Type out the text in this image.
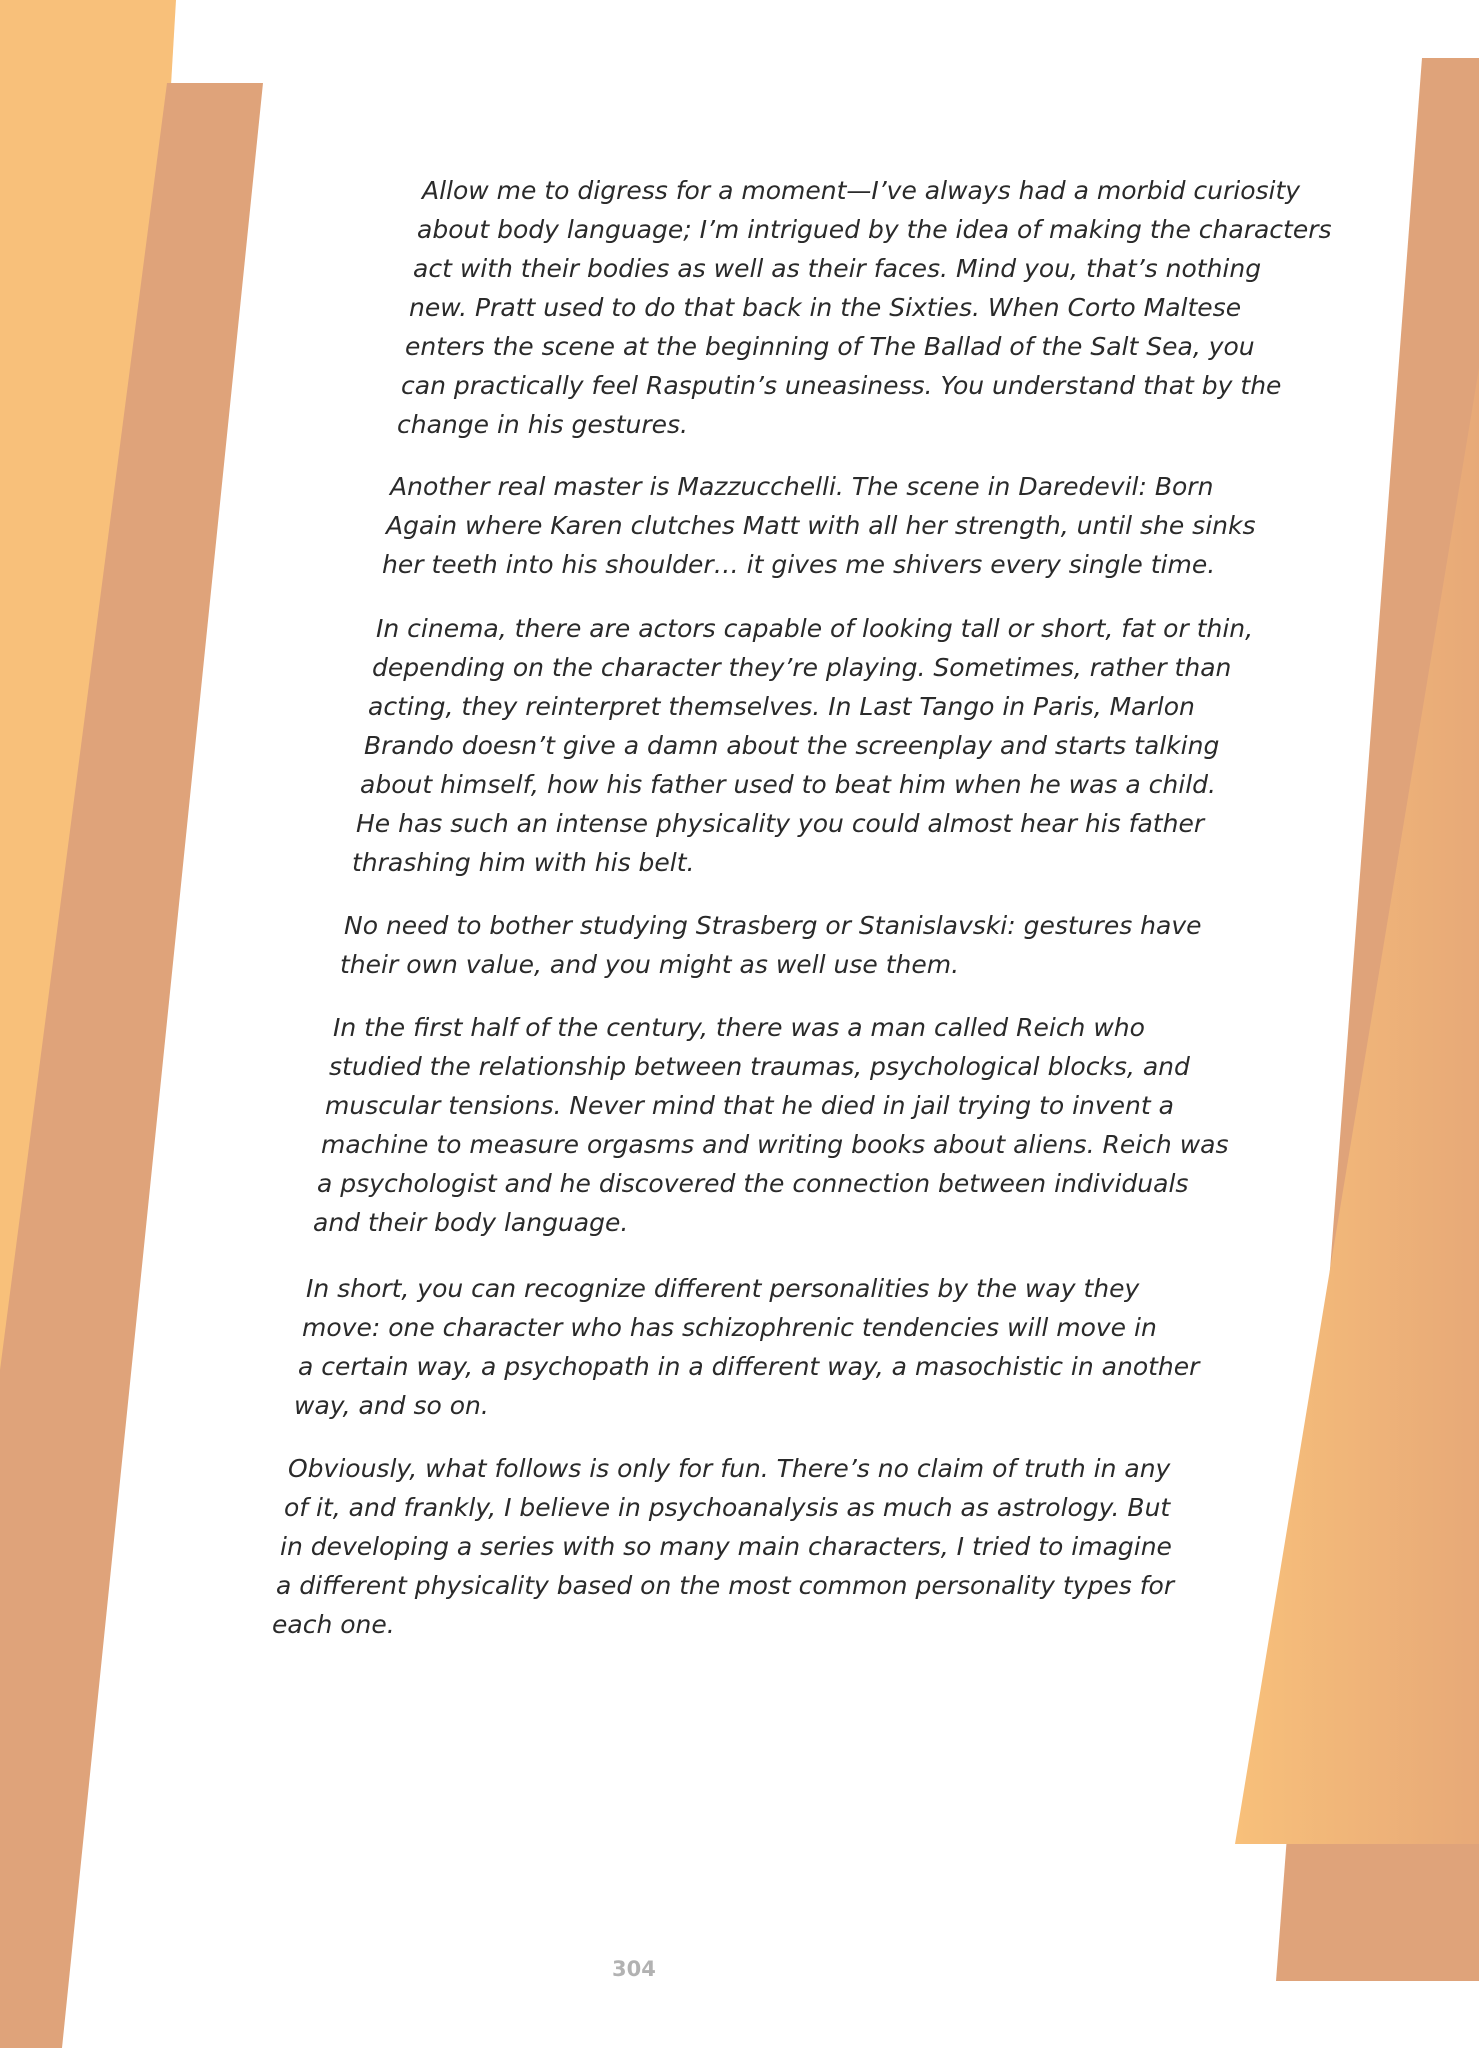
Allow me to digress for a moment—I’ve always had a morbid curiosity
about body language; I’m intrigued by the idea of making the characters
act with their bodies as well as their faces. Mind you, that’s nothing
new. Pratt used to do that back in the Sixties. When Corto Maltese
enters the scene at the beginning of The Ballad of the Salt Sea, you
can practically feel Rasputin’s uneasiness. You understand that by the
change in his gestures.
Another real master is Mazzucchelli. The scene in Daredevil: Born
Again where Karen clutches Matt with all her strength, until she sinks
her teeth into his shoulder… it gives me shivers every single time.
In cinema, there are actors capable of looking tall or short, fat or thin,
depending on the character they’re playing. Sometimes, rather than
acting, they reinterpret themselves. In Last Tango in Paris, Marlon
Brando doesn’t give a damn about the screenplay and starts talking
about himself, how his father used to beat him when he was a child.
He has such an intense physicality you could almost hear his father
thrashing him with his belt.
No need to bother studying Strasberg or Stanislavski: gestures have
their own value, and you might as well use them.
In the first half of the century, there was a man called Reich who
studied the relationship between traumas, psychological blocks, and
muscular tensions. Never mind that he died in jail trying to invent a
machine to measure orgasms and writing books about aliens. Reich was
a psychologist and he discovered the connection between individuals
and their body language.
In short, you can recognize different personalities by the way they
move: one character who has schizophrenic tendencies will move in
a certain way, a psychopath in a different way, a masochistic in another
way, and so on.
Obviously, what follows is only for fun. There’s no claim of truth in any
of it, and frankly, I believe in psychoanalysis as much as astrology. But
in developing a series with so many main characters, I tried to imagine
a different physicality based on the most common personality types for
each one.
304
